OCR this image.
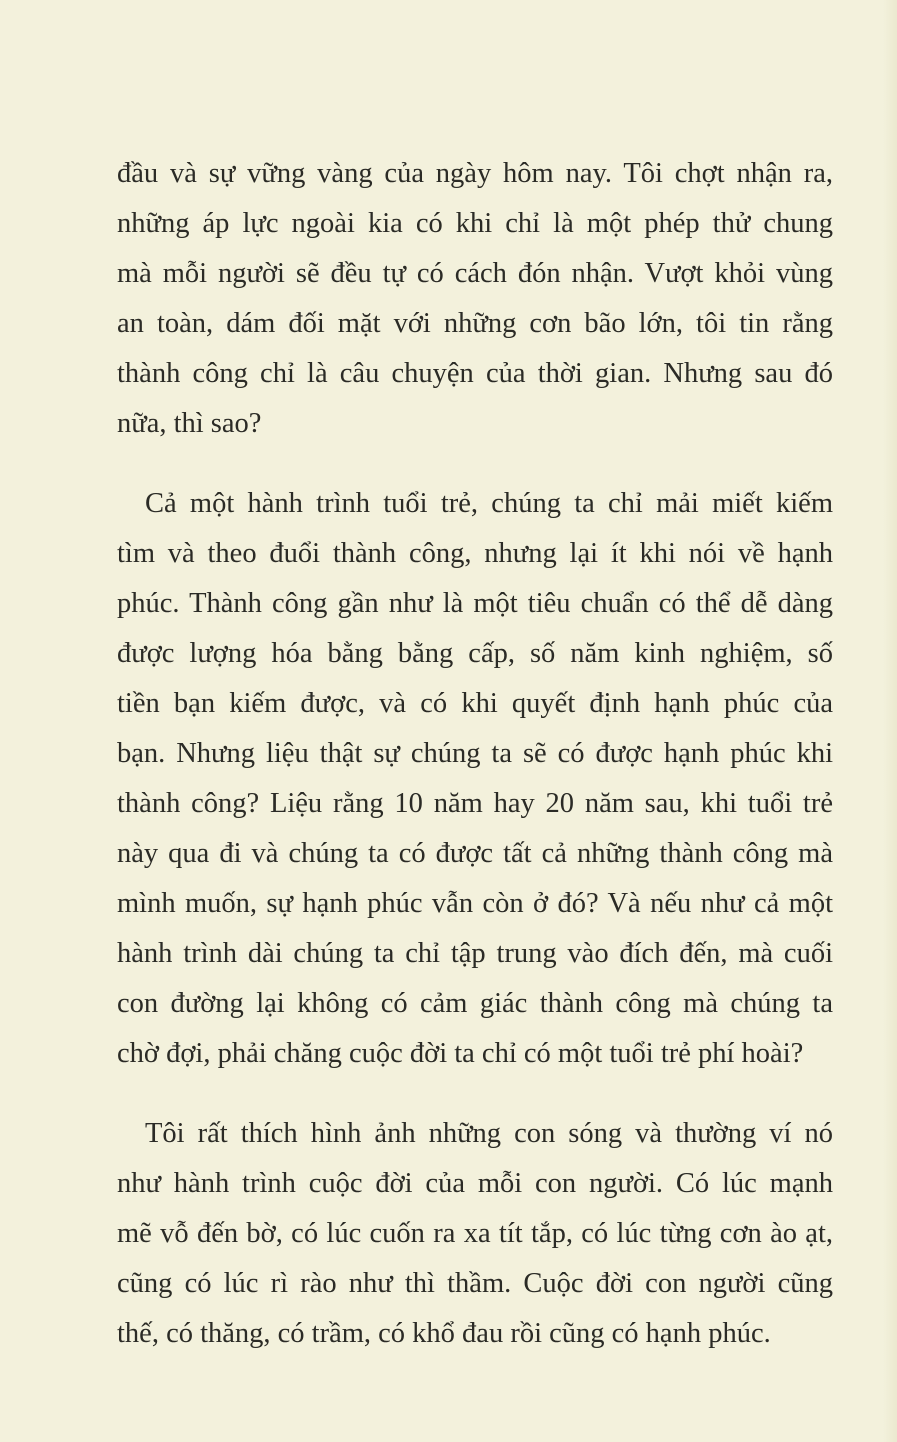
đầu và sự vững vàng của ngày hôm nay. Tôi chợt nhận ra,
những áp lực ngoài kia có khi chỉ là một phép thử chung
mà mỗi người sẽ đều tự có cách đón nhận. Vượt khỏi vùng
an toàn, dám đối mặt với những cơn bão lớn, tôi tin rằng
thành công chỉ là câu chuyện của thời gian. Nhưng sau đó
nữa, thì sao?
Cả một hành trình tuổi trẻ, chúng ta chỉ mải miết kiếm
tìm và theo đuổi thành công, nhưng lại ít khi nói về hạnh
phúc. Thành công gần như là một tiêu chuẩn có thể dễ dàng
được lượng hóa bằng bằng cấp, số năm kinh nghiệm, số
tiền bạn kiếm được, và có khi quyết định hạnh phúc của
bạn. Nhưng liệu thật sự chúng ta sẽ có được hạnh phúc khi
thành công? Liệu rằng 10 năm hay 20 năm sau, khi tuổi trẻ
này qua đi và chúng ta có được tất cả những thành công mà
mình muốn, sự hạnh phúc vẫn còn ở đó? Và nếu như cả một
hành trình dài chúng ta chỉ tập trung vào đích đến, mà cuối
con đường lại không có cảm giác thành công mà chúng ta
chờ đợi, phải chăng cuộc đời ta chỉ có một tuổi trẻ phí hoài?
Tôi rất thích hình ảnh những con sóng và thường ví nó
như hành trình cuộc đời của mỗi con người. Có lúc mạnh
mẽ vỗ đến bờ, có lúc cuốn ra xa tít tắp, có lúc từng cơn ào ạt,
cũng có lúc rì rào như thì thầm. Cuộc đời con người cũng
thế, có thăng, có trầm, có khổ đau rồi cũng có hạnh phúc.
